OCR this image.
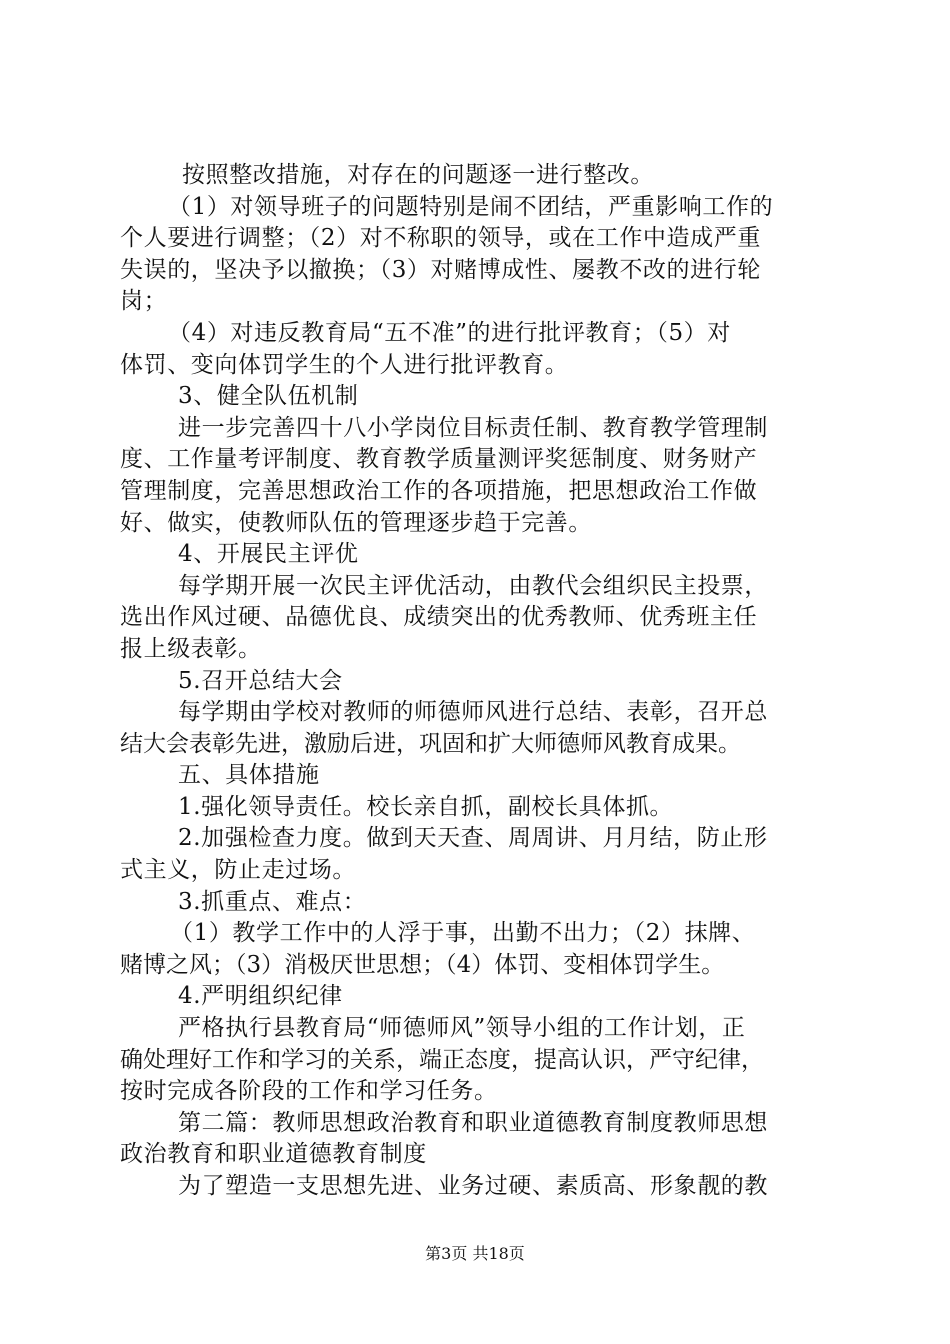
按照整改措施，对存在的问题逐一进行整改。
（1）对领导班子的问题特别是闹不团结，严重影响工作的
个人要进行调整；（2）对不称职的领导，或在工作中造成严重
失误的，坚决予以撤换；（3）对赌博成性、屡教不改的进行轮
岗；
（4）对违反教育局“五不准”的进行批评教育；（5）对
体罚、变向体罚学生的个人进行批评教育。
3、健全队伍机制
进一步完善四十八小学岗位目标责任制、教育教学管理制
度、工作量考评制度、教育教学质量测评奖惩制度、财务财产
管理制度，完善思想政治工作的各项措施，把思想政治工作做
好、做实，使教师队伍的管理逐步趋于完善。
4、开展民主评优
每学期开展一次民主评优活动，由教代会组织民主投票，
选出作风过硬、品德优良、成绩突出的优秀教师、优秀班主任
报上级表彰。
5.召开总结大会
每学期由学校对教师的师德师风进行总结、表彰，召开总
结大会表彰先进，激励后进，巩固和扩大师德师风教育成果。
五、具体措施
1.强化领导责任。校长亲自抓，副校长具体抓。
2.加强检查力度。做到天天查、周周讲、月月结，防止形
式主义，防止走过场。
3.抓重点、难点：
（1）教学工作中的人浮于事，出勤不出力；（2）抹牌、
赌博之风；（3）消极厌世思想；（4）体罚、变相体罚学生。
4.严明组织纪律
严格执行县教育局“师德师风”领导小组的工作计划，正
确处理好工作和学习的关系，端正态度，提高认识，严守纪律，
按时完成各阶段的工作和学习任务。
第二篇：教师思想政治教育和职业道德教育制度教师思想
政治教育和职业道德教育制度
为了塑造一支思想先进、业务过硬、素质高、形象靓的教
第3页 共18页
